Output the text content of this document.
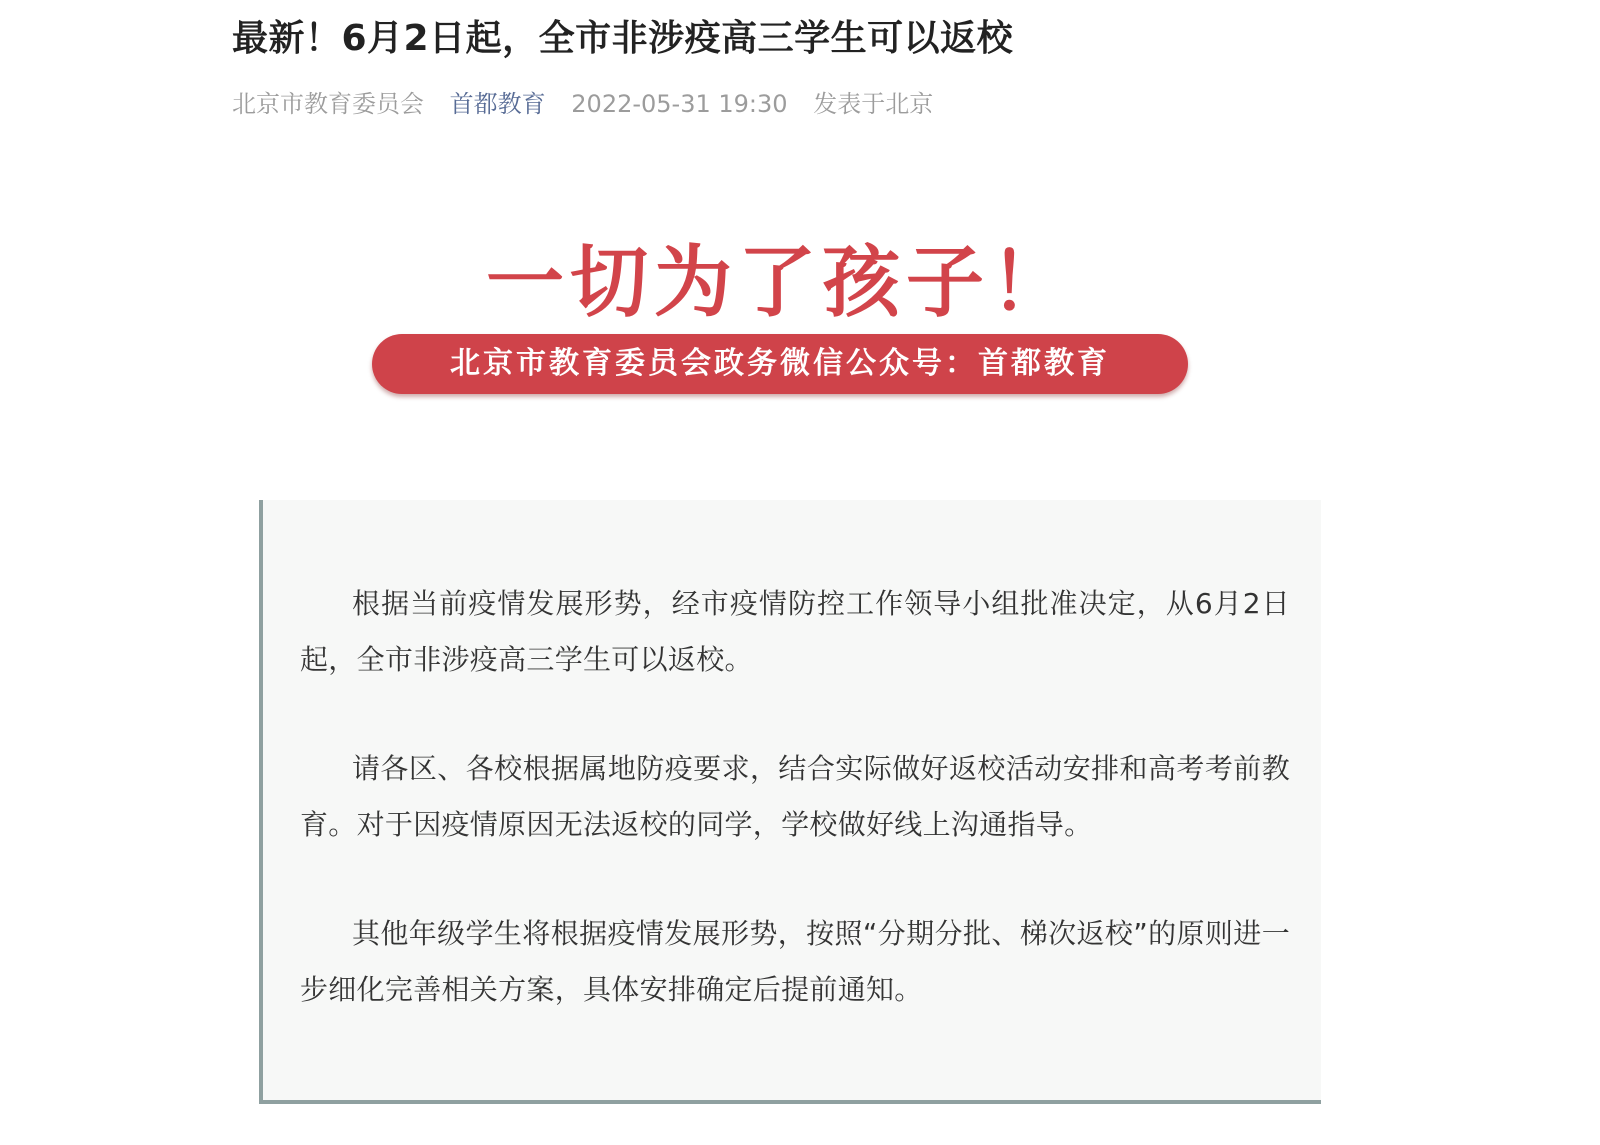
最新！6月2日起，全市非涉疫高三学生可以返校
北京市教育委员会 首都教育 2022-05-31 19:30 发表于北京
一切为了孩子！
北京市教育委员会政务微信公众号：首都教育

根据当前疫情发展形势，经市疫情防控工作领导小组批准决定，从6月2日起，全市非涉疫高三学生可以返校。

请各区、各校根据属地防疫要求，结合实际做好返校活动安排和高考考前教育。对于因疫情原因无法返校的同学，学校做好线上沟通指导。

其他年级学生将根据疫情发展形势，按照“分期分批、梯次返校”的原则进一步细化完善相关方案，具体安排确定后提前通知。
